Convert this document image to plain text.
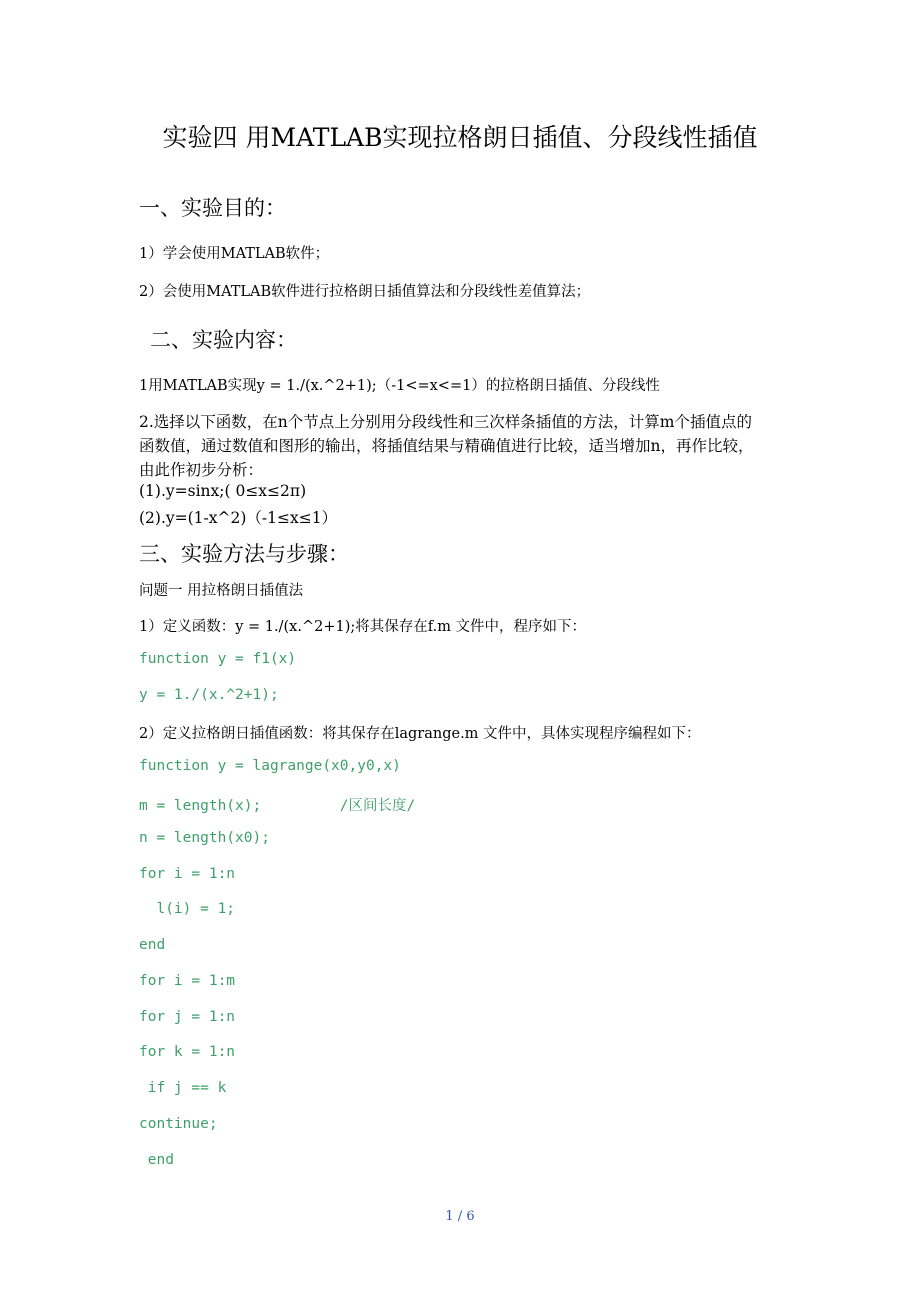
实验四 用MATLAB实现拉格朗日插值、分段线性插值
一、实验目的：
1）学会使用MATLAB软件；
2）会使用MATLAB软件进行拉格朗日插值算法和分段线性差值算法；
二、实验内容：
1用MATLAB实现y = 1./(x.^2+1);（-1<=x<=1）的拉格朗日插值、分段线性
2.选择以下函数，在n个节点上分别用分段线性和三次样条插值的方法，计算m个插值点的
函数值，通过数值和图形的输出，将插值结果与精确值进行比较，适当增加n，再作比较，
由此作初步分析：
(1).y=sinx;( 0≤x≤2π)
(2).y=(1-x^2)（-1≤x≤1）
三、实验方法与步骤：
问题一 用拉格朗日插值法
1）定义函数：y = 1./(x.^2+1);将其保存在f.m 文件中，程序如下：
function y = f1(x)
y = 1./(x.^2+1);
2）定义拉格朗日插值函数：将其保存在lagrange.m 文件中，具体实现程序编程如下：
function y = lagrange(x0,y0,x)
m = length(x);         /区间长度/
n = length(x0);
for i = 1:n
l(i) = 1;
end
for i = 1:m
for j = 1:n
for k = 1:n
if j == k
continue;
end
1 / 6
